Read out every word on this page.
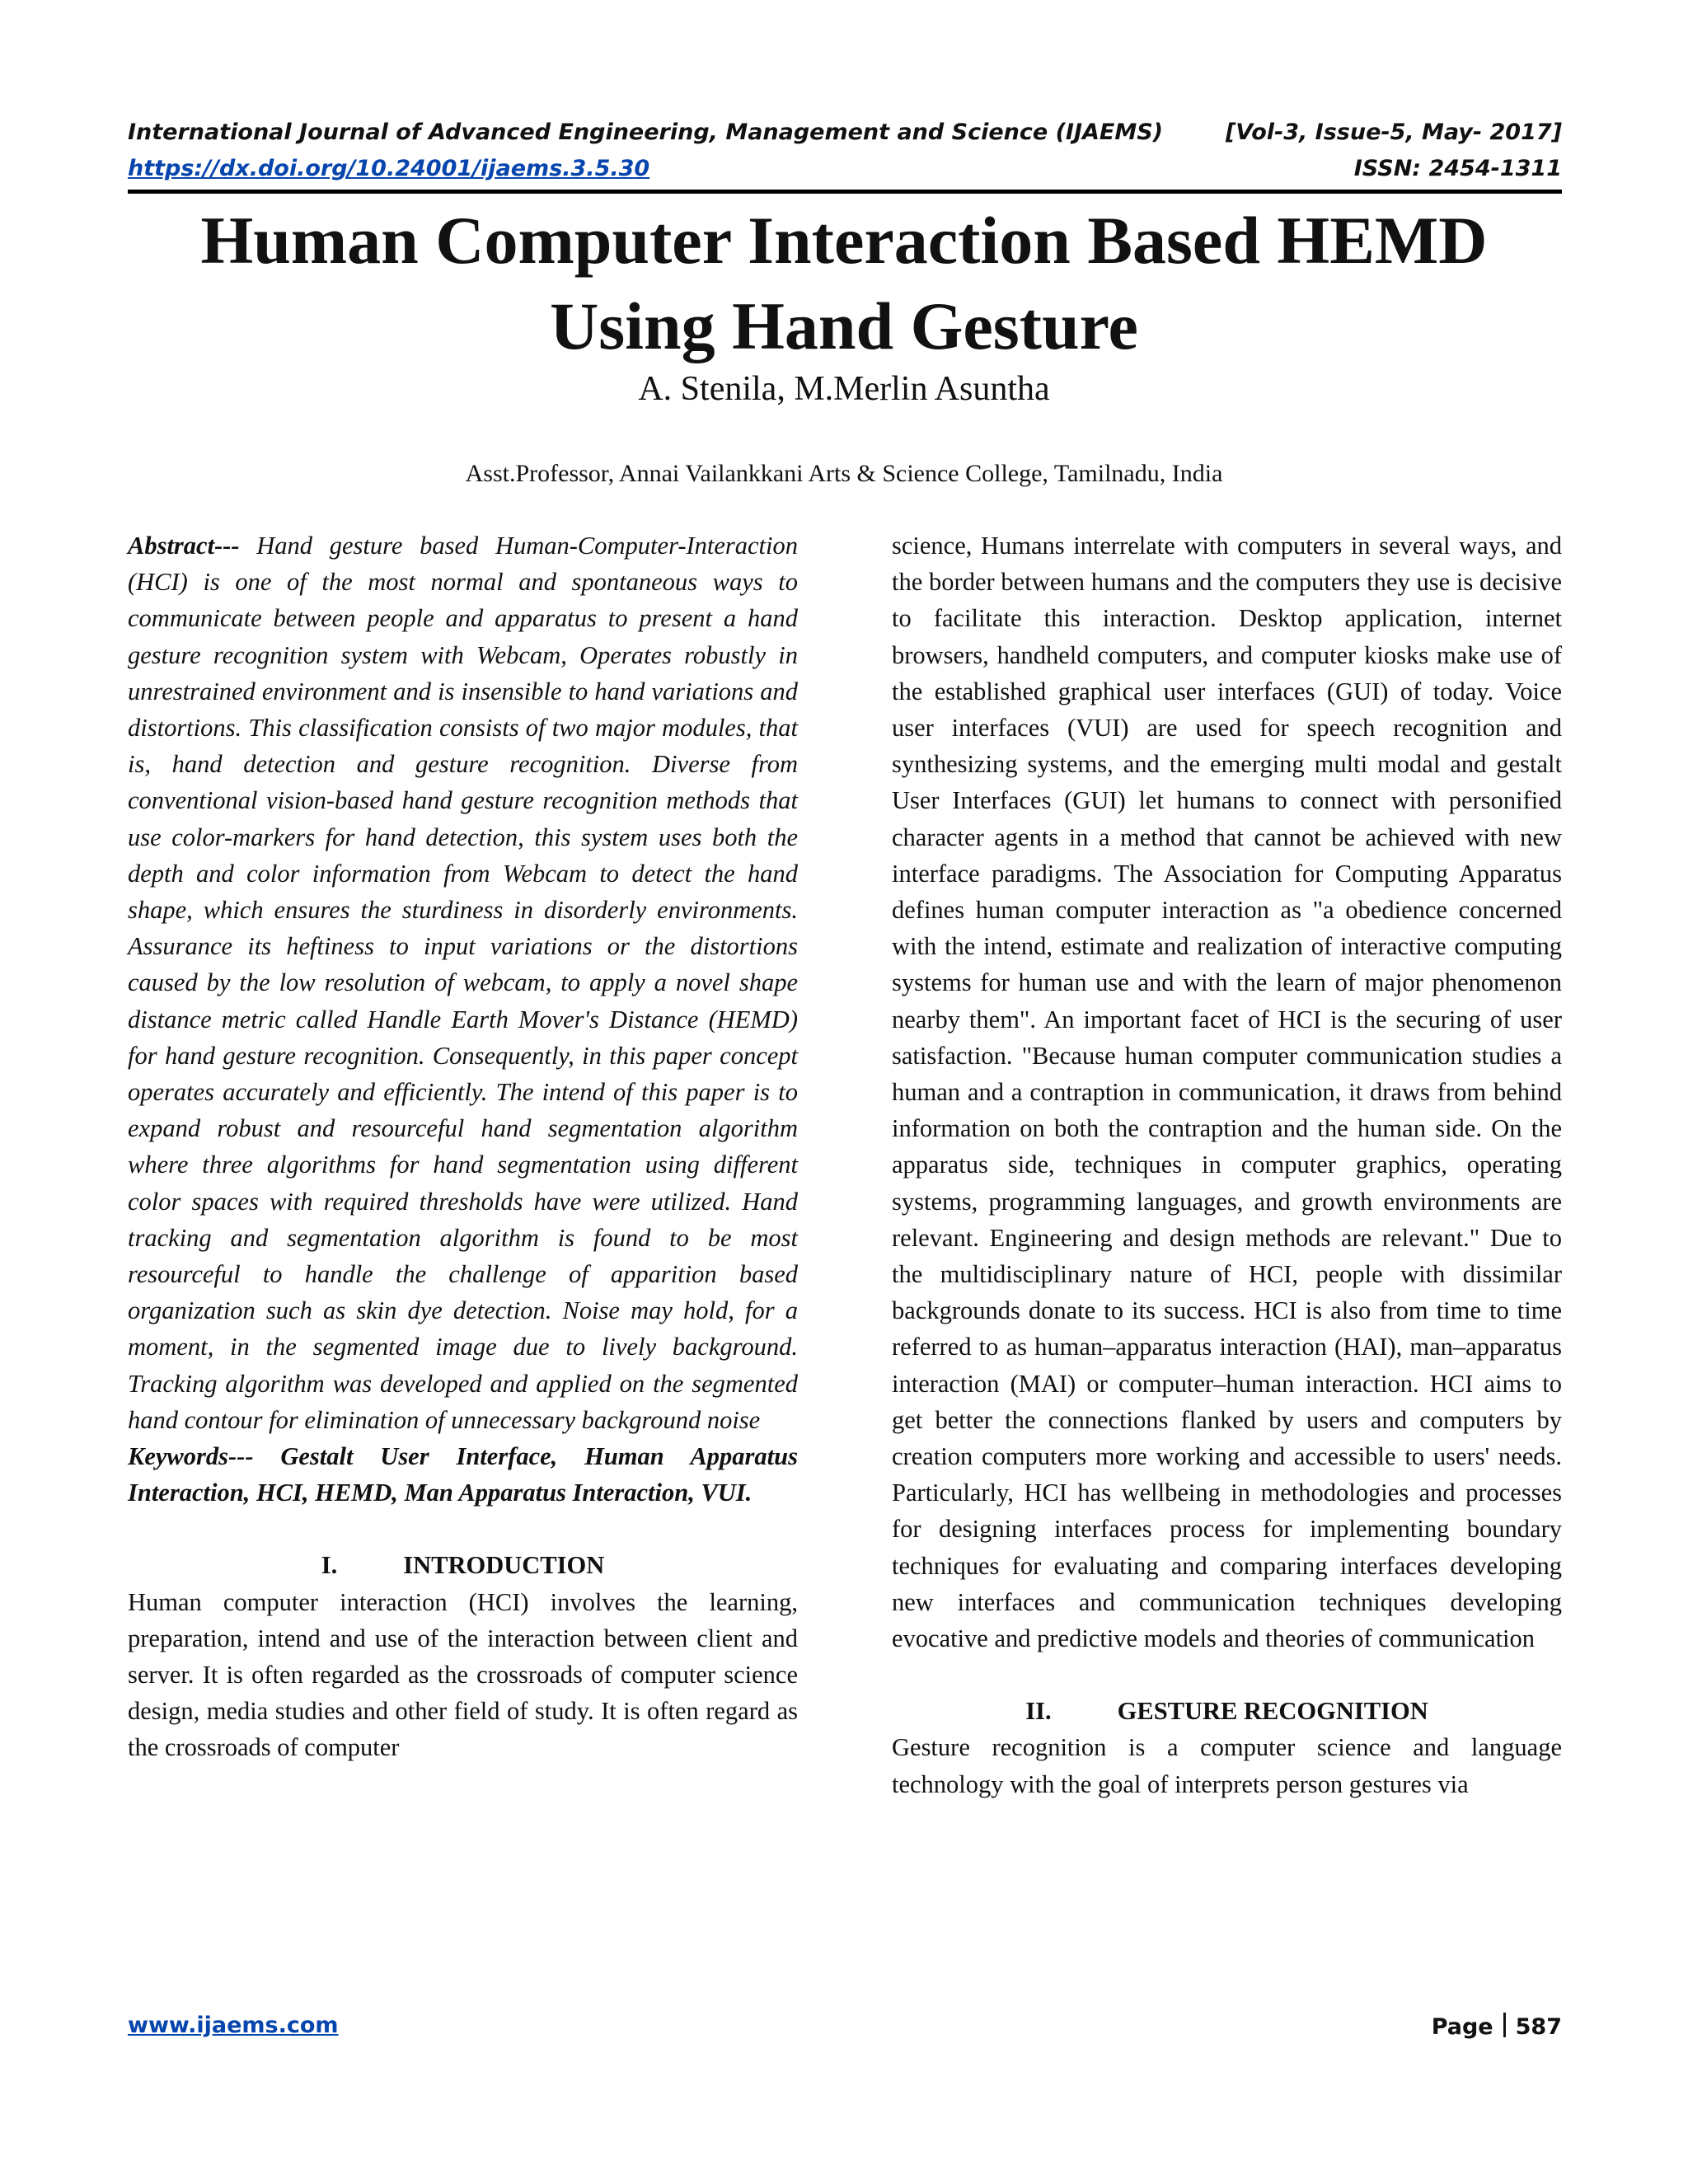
International Journal of Advanced Engineering, Management and Science (IJAEMS)	[Vol-3, Issue-5, May- 2017]
https://dx.doi.org/10.24001/ijaems.3.5.30	ISSN: 2454-1311
Human Computer Interaction Based HEMD
Using Hand Gesture
A. Stenila, M.Merlin Asuntha
Asst.Professor, Annai Vailankkani Arts & Science College, Tamilnadu, India

Abstract--- Hand gesture based Human-Computer-Interaction (HCI) is one of the most normal and spontaneous ways to communicate between people and apparatus to present a hand gesture recognition system with Webcam, Operates robustly in unrestrained environment and is insensible to hand variations and distortions. This classification consists of two major modules, that is, hand detection and gesture recognition. Diverse from conventional vision-based hand gesture recognition methods that use color-markers for hand detection, this system uses both the depth and color information from Webcam to detect the hand shape, which ensures the sturdiness in disorderly environments. Assurance its heftiness to input variations or the distortions caused by the low resolution of webcam, to apply a novel shape distance metric called Handle Earth Mover's Distance (HEMD) for hand gesture recognition. Consequently, in this paper concept operates accurately and efficiently. The intend of this paper is to expand robust and resourceful hand segmentation algorithm where three algorithms for hand segmentation using different color spaces with required thresholds have were utilized. Hand tracking and segmentation algorithm is found to be most resourceful to handle the challenge of apparition based organization such as skin dye detection. Noise may hold, for a moment, in the segmented image due to lively background. Tracking algorithm was developed and applied on the segmented hand contour for elimination of unnecessary background noise

Keywords--- Gestalt User Interface, Human Apparatus Interaction, HCI, HEMD, Man Apparatus Interaction, VUI.

I.	INTRODUCTION

Human computer interaction (HCI) involves the learning, preparation, intend and use of the interaction between client and server. It is often regarded as the crossroads of computer science design, media studies and other field of study. It is often regard as the crossroads of computer

science, Humans interrelate with computers in several ways, and the border between humans and the computers they use is decisive to facilitate this interaction. Desktop application, internet browsers, handheld computers, and computer kiosks make use of the established graphical user interfaces (GUI) of today. Voice user interfaces (VUI) are used for speech recognition and synthesizing systems, and the emerging multi modal and gestalt User Interfaces (GUI) let humans to connect with personified character agents in a method that cannot be achieved with new interface paradigms. The Association for Computing Apparatus defines human computer interaction as "a obedience concerned with the intend, estimate and realization of interactive computing systems for human use and with the learn of major phenomenon nearby them". An important facet of HCI is the securing of user satisfaction. "Because human computer communication studies a human and a contraption in communication, it draws from behind information on both the contraption and the human side. On the apparatus side, techniques in computer graphics, operating systems, programming languages, and growth environments are relevant. Engineering and design methods are relevant." Due to the multidisciplinary nature of HCI, people with dissimilar backgrounds donate to its success. HCI is also from time to time referred to as human–apparatus interaction (HAI), man–apparatus interaction (MAI) or computer–human interaction. HCI aims to get better the connections flanked by users and computers by creation computers more working and accessible to users' needs. Particularly, HCI has wellbeing in methodologies and processes for designing interfaces process for implementing boundary techniques for evaluating and comparing interfaces developing new interfaces and communication techniques developing evocative and predictive models and theories of communication

II.	GESTURE RECOGNITION

Gesture recognition is a computer science and language technology with the goal of interprets person gestures via

www.ijaems.com	Page 587
